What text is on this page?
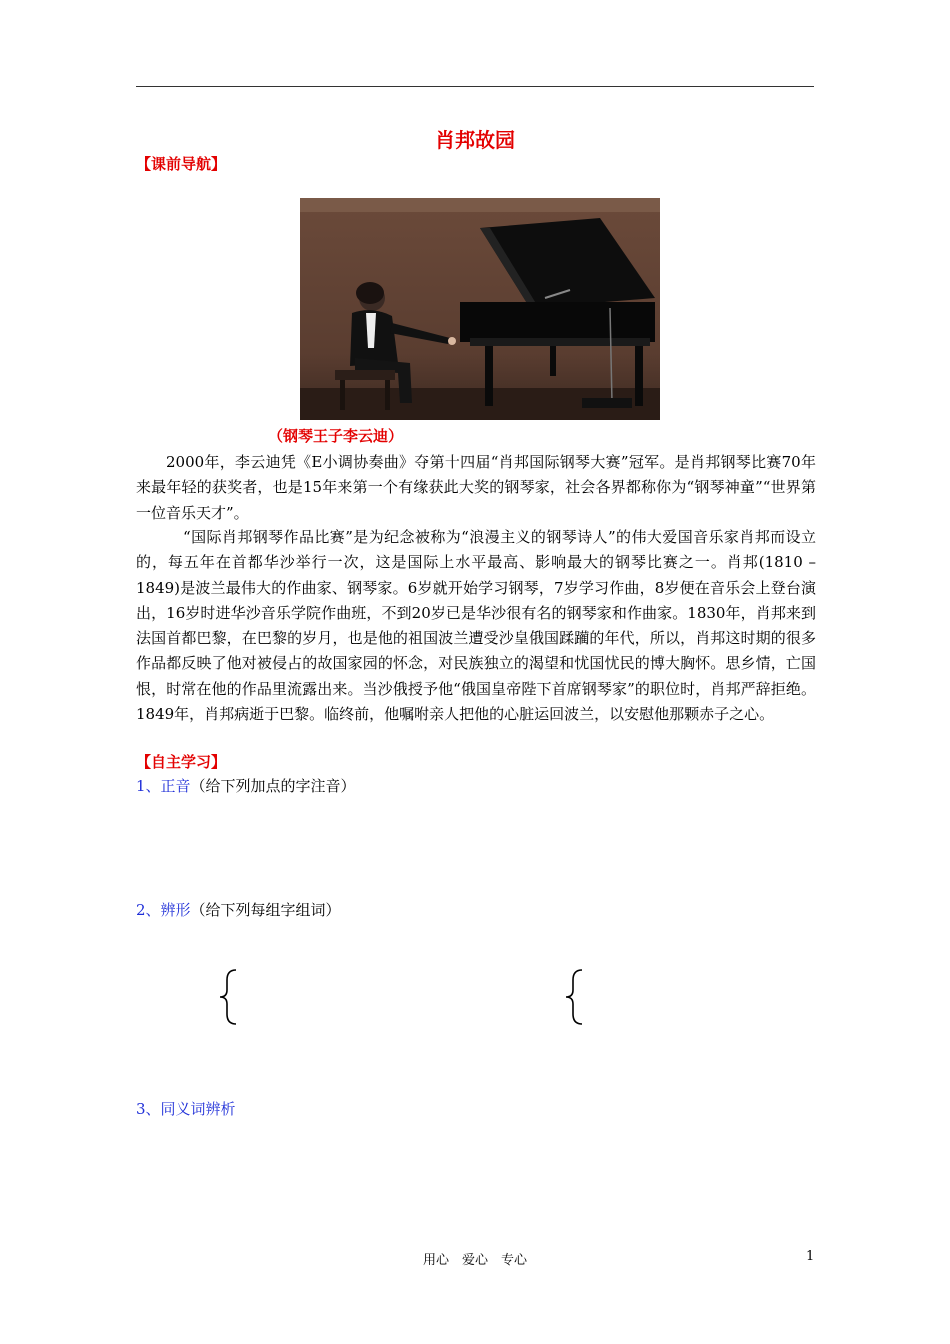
肖邦故园
【课前导航】
（钢琴王子李云迪）
2000年，李云迪凭《E小调协奏曲》夺第十四届“肖邦国际钢琴大赛”冠军。是肖邦钢琴比赛70年来最年轻的获奖者，也是15年来第一个有缘获此大奖的钢琴家，社会各界都称你为“钢琴神童”“世界第一位音乐天才”。
“国际肖邦钢琴作品比赛”是为纪念被称为“浪漫主义的钢琴诗人”的伟大爱国音乐家肖邦而设立的，每五年在首都华沙举行一次，这是国际上水平最高、影响最大的钢琴比赛之一。肖邦(1810 – 1849)是波兰最伟大的作曲家、钢琴家。6岁就开始学习钢琴，7岁学习作曲，8岁便在音乐会上登台演出，16岁时进华沙音乐学院作曲班，不到20岁已是华沙很有名的钢琴家和作曲家。1830年，肖邦来到法国首都巴黎，在巴黎的岁月，也是他的祖国波兰遭受沙皇俄国蹂躏的年代，所以，肖邦这时期的很多作品都反映了他对被侵占的故国家园的怀念，对民族独立的渴望和忧国忧民的博大胸怀。思乡情，亡国恨，时常在他的作品里流露出来。当沙俄授予他“俄国皇帝陛下首席钢琴家”的职位时，肖邦严辞拒绝。1849年，肖邦病逝于巴黎。临终前，他嘱咐亲人把他的心脏运回波兰，以安慰他那颗赤子之心。
【自主学习】
1、正音（给下列加点的字注音）
2、辨形（给下列每组字组词）
3、同义词辨析
用心　爱心　专心	1
